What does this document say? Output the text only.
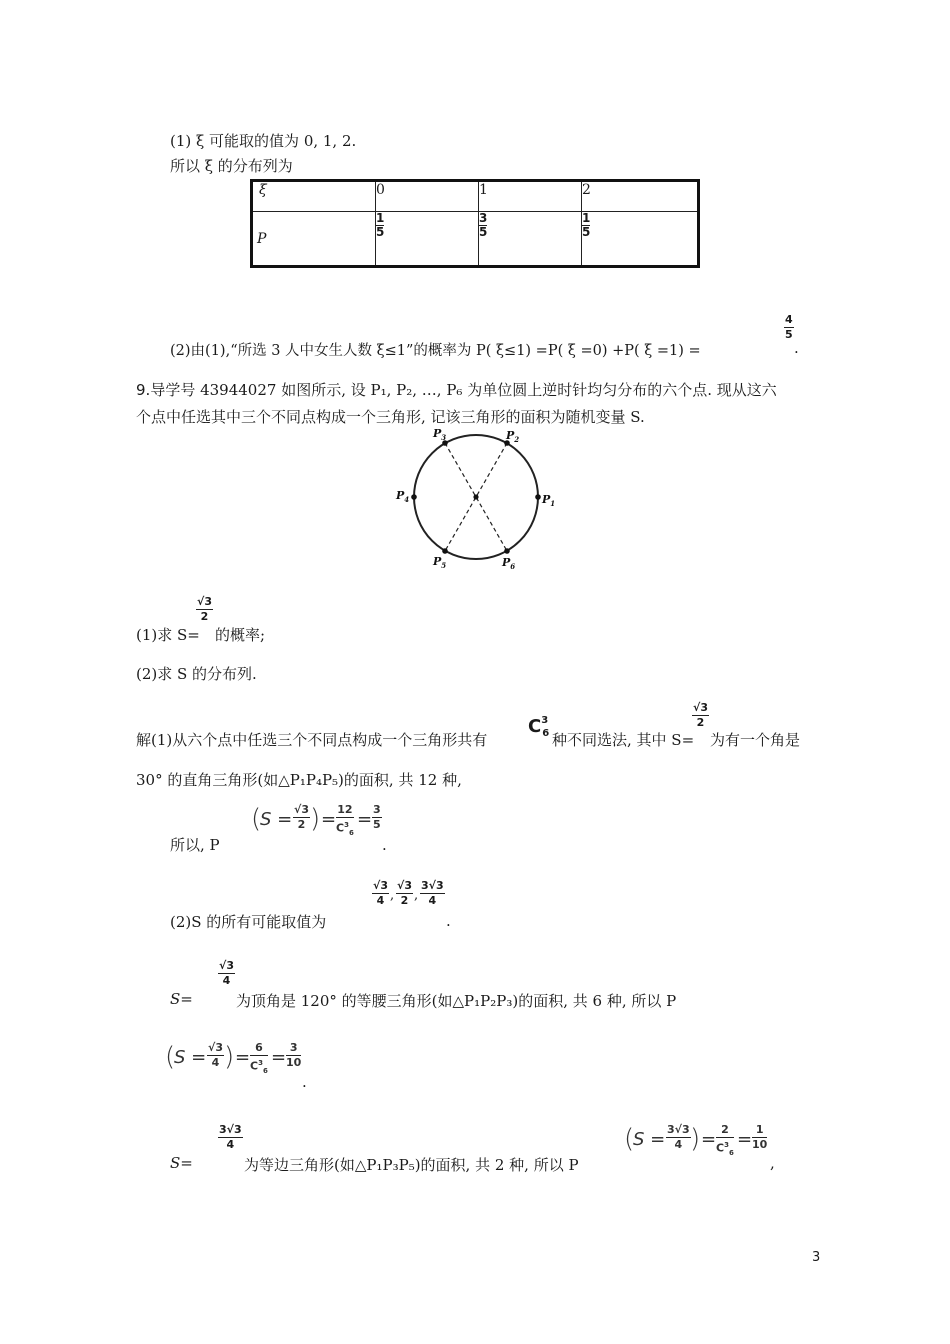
(1) ξ 可能取的值为 0, 1, 2.
所以 ξ 的分布列为
ξ	0	1	2
P	$\frac{1}{5}$	$\frac{3}{5}$	$\frac{1}{5}$
(2)由(1),“所选 3 人中女生人数 ξ≤1”的概率为 P( ξ≤1) =P( ξ =0) +P( ξ =1) =
4
5
.
9.导学号 43944027 如图所示, 设 P₁, P₂, …, P₆ 为单位圆上逆时针均匀分布的六个点. 现从这六
个点中任选其中三个不同点构成一个三角形, 记该三角形的面积为随机变量 S.
$P_1$
$P_2$
$P_3$
$P_4$
$P_5$	$P_6$
(1)求 S=
√3
2
的概率;
(2)求 S 的分布列.
解(1)从六个点中任选三个不同点构成一个三角形共有
$C^3_6$ 种不同选法, 其中 S=
√3
2
为有一个角是
30° 的直角三角形(如△P₁P₄P₅)的面积, 共 12 种,
所以, P
(
S = √3
2 ) = 12
$C^3_6$
= 3
5
.
(2)S 的所有可能取值为
√3
4 ,
√3
2 ,
3√3
4
.
S=
√3
4
为顶角是 120° 的等腰三角形(如△P₁P₂P₃)的面积, 共 6 种, 所以 P
(
S = √3
4 ) = 6
$C^3_6$
= 3
10
.
S=
3√3
4
为等边三角形(如△P₁P₃P₅)的面积, 共 2 种, 所以 P
(
S = 3√3
4 ) = 2
$C^3_6$
= 1
10
,
3
